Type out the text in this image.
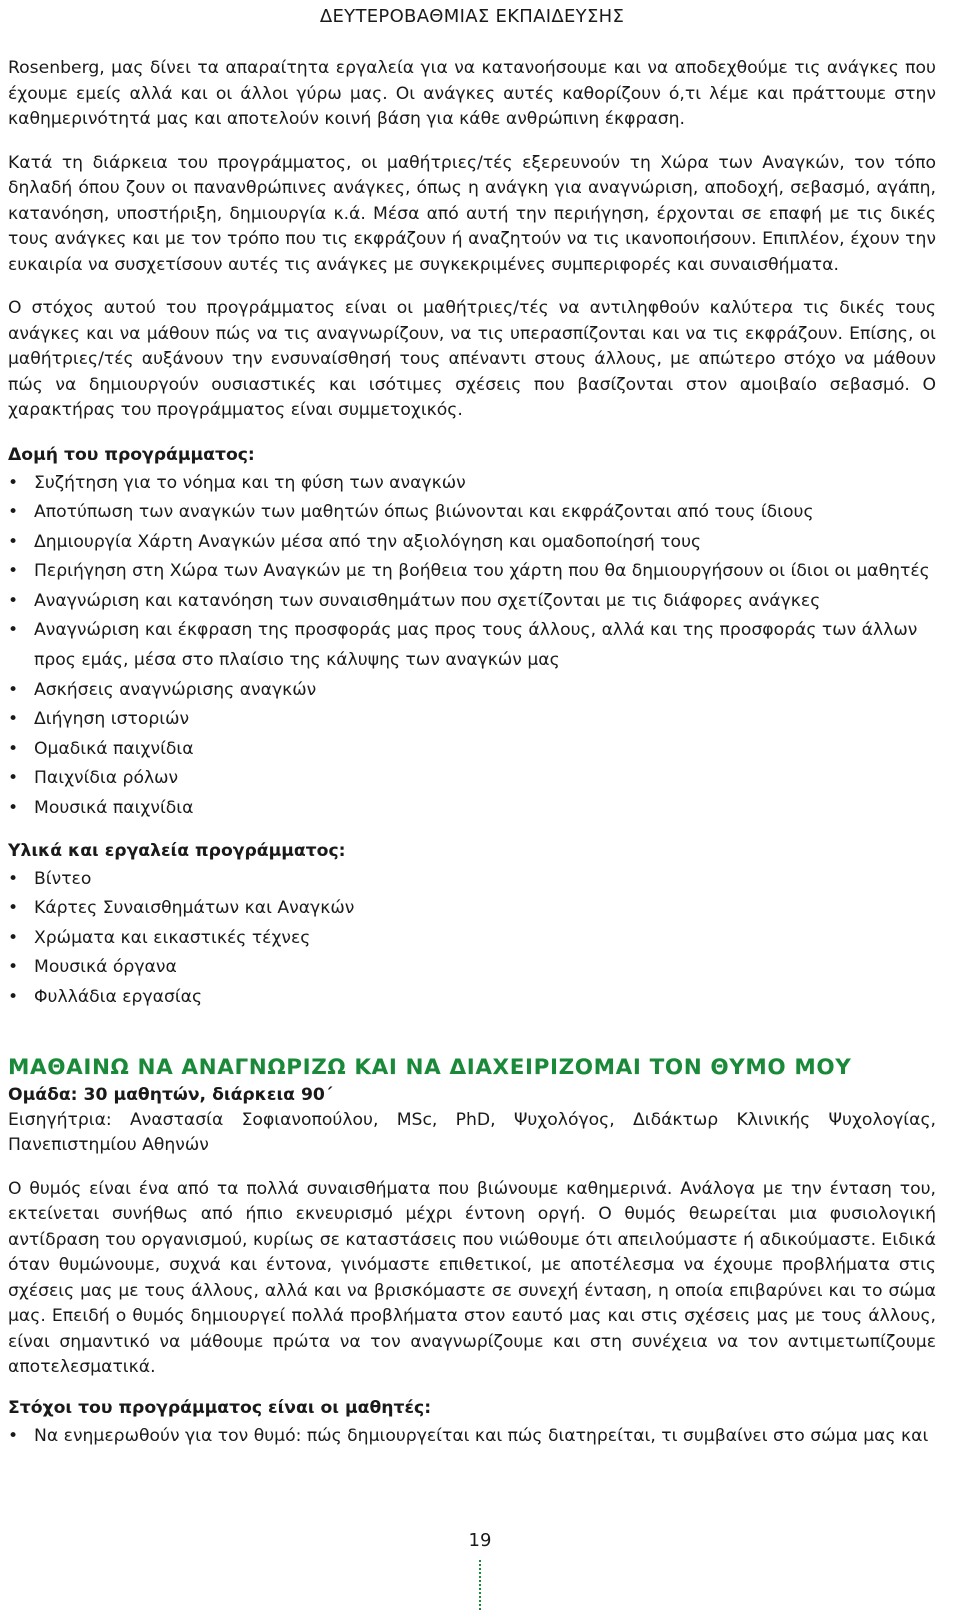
ΔΕΥΤΕΡΟΒΑΘΜΙΑΣ ΕΚΠΑΙΔΕΥΣΗΣ

Rosenberg, μας δίνει τα απαραίτητα εργαλεία για να κατανοήσουμε και να αποδεχθούμε τις ανάγκες που έχουμε εμείς αλλά και οι άλλοι γύρω μας. Οι ανάγκες αυτές καθορίζουν ό,τι λέμε και πράττουμε στην καθημερινότητά μας και αποτελούν κοινή βάση για κάθε ανθρώπινη έκφραση.

Κατά τη διάρκεια του προγράμματος, οι μαθήτριες/τές εξερευνούν τη Χώρα των Αναγκών, τον τόπο δηλαδή όπου ζουν οι πανανθρώπινες ανάγκες, όπως η ανάγκη για αναγνώριση, αποδοχή, σεβασμό, αγάπη, κατανόηση, υποστήριξη, δημιουργία κ.ά. Μέσα από αυτή την περιήγηση, έρχονται σε επαφή με τις δικές τους ανάγκες και με τον τρόπο που τις εκφράζουν ή αναζητούν να τις ικανοποιήσουν. Επιπλέον, έχουν την ευκαιρία να συσχετίσουν αυτές τις ανάγκες με συγκεκριμένες συμπεριφορές και συναισθήματα.

Ο στόχος αυτού του προγράμματος είναι οι μαθήτριες/τές να αντιληφθούν καλύτερα τις δικές τους ανάγκες και να μάθουν πώς να τις αναγνωρίζουν, να τις υπερασπίζονται και να τις εκφράζουν. Επίσης, οι μαθήτριες/τές αυξάνουν την ενσυναίσθησή τους απέναντι στους άλλους, με απώτερο στόχο να μάθουν πώς να δημιουργούν ουσιαστικές και ισότιμες σχέσεις που βασίζονται στον αμοιβαίο σεβασμό. Ο χαρακτήρας του προγράμματος είναι συμμετοχικός.

Δομή του προγράμματος:
• Συζήτηση για το νόημα και τη φύση των αναγκών
• Αποτύπωση των αναγκών των μαθητών όπως βιώνονται και εκφράζονται από τους ίδιους
• Δημιουργία Χάρτη Αναγκών μέσα από την αξιολόγηση και ομαδοποίησή τους
• Περιήγηση στη Χώρα των Αναγκών με τη βοήθεια του χάρτη που θα δημιουργήσουν οι ίδιοι οι μαθητές
• Αναγνώριση και κατανόηση των συναισθημάτων που σχετίζονται με τις διάφορες ανάγκες
• Αναγνώριση και έκφραση της προσφοράς μας προς τους άλλους, αλλά και της προσφοράς των άλλων προς εμάς, μέσα στο πλαίσιο της κάλυψης των αναγκών μας
• Ασκήσεις αναγνώρισης αναγκών
• Διήγηση ιστοριών
• Ομαδικά παιχνίδια
• Παιχνίδια ρόλων
• Μουσικά παιχνίδια
Υλικά και εργαλεία προγράμματος:
• Βίντεο
• Κάρτες Συναισθημάτων και Αναγκών
• Χρώματα και εικαστικές τέχνες
• Μουσικά όργανα
• Φυλλάδια εργασίας
ΜΑΘΑΙΝΩ ΝΑ ΑΝΑΓΝΩΡΙΖΩ ΚΑΙ ΝΑ ΔΙΑΧΕΙΡΙΖΟΜΑΙ ΤΟΝ ΘΥΜΟ ΜΟΥ

Ομάδα: 30 μαθητών, διάρκεια 90΄

Εισηγήτρια: Αναστασία Σοφιανοπούλου, MSc, PhD, Ψυχολόγος, Διδάκτωρ Κλινικής Ψυχολογίας, Πανεπιστημίου Αθηνών

Ο θυμός είναι ένα από τα πολλά συναισθήματα που βιώνουμε καθημερινά. Ανάλογα με την ένταση του, εκτείνεται συνήθως από ήπιο εκνευρισμό μέχρι έντονη οργή. Ο θυμός θεωρείται μια φυσιολογική αντίδραση του οργανισμού, κυρίως σε καταστάσεις που νιώθουμε ότι απειλούμαστε ή αδικούμαστε. Ειδικά όταν θυμώνουμε, συχνά και έντονα, γινόμαστε επιθετικοί, με αποτέλεσμα να έχουμε προβλήματα στις σχέσεις μας με τους άλλους, αλλά και να βρισκόμαστε σε συνεχή ένταση, η οποία επιβαρύνει και το σώμα μας. Επειδή ο θυμός δημιουργεί πολλά προβλήματα στον εαυτό μας και στις σχέσεις μας με τους άλλους, είναι σημαντικό να μάθουμε πρώτα να τον αναγνωρίζουμε και στη συνέχεια να τον αντιμετωπίζουμε αποτελεσματικά.

Στόχοι του προγράμματος είναι οι μαθητές:
• Να ενημερωθούν για τον θυμό: πώς δημιουργείται και πώς διατηρείται, τι συμβαίνει στο σώμα μας και
19
